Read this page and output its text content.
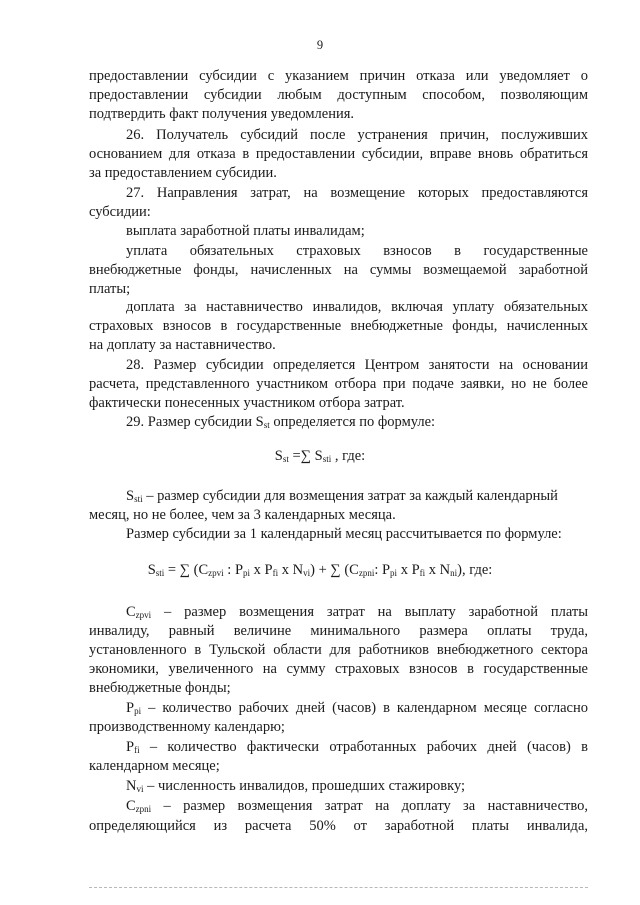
9
предоставлении субсидии с указанием причин отказа или уведомляет о
предоставлении субсидии любым доступным способом, позволяющим
подтвердить факт получения уведомления.
26. Получатель субсидий после устранения причин, послуживших
основанием для отказа в предоставлении субсидии, вправе вновь обратиться
за предоставлением субсидии.
27. Направления затрат, на возмещение которых предоставляются
субсидии:
выплата заработной платы инвалидам;
уплата обязательных страховых взносов в государственные
внебюджетные фонды, начисленных на суммы возмещаемой заработной
платы;
доплата за наставничество инвалидов, включая уплату обязательных
страховых взносов в государственные внебюджетные фонды, начисленных
на доплату за наставничество.
28. Размер субсидии определяется Центром занятости на основании
расчета, представленного участником отбора при подаче заявки, но не более
фактически понесенных участником отбора затрат.
29. Размер субсидии $S_{st}$ определяется по формуле:
$S_{st}$ =∑ $S_{sti}$ , где:
$S_{sti}$ – размер субсидии для возмещения затрат за каждый календарный
месяц, но не более, чем за 3 календарных месяца.
Размер субсидии за 1 календарный месяц рассчитывается по формуле:
$S_{sti}$ = ∑ ($C_{zpvi}$ : $P_{pi}$ x $P_{fi}$ x $N_{vi}$) + ∑ ($C_{zpni}$: $P_{pi}$ x $P_{fi}$ x $N_{ni}$), где:
$C_{zpvi}$ – размер возмещения затрат на выплату заработной платы
инвалиду, равный величине минимального размера оплаты труда,
установленного в Тульской области для работников внебюджетного сектора
экономики, увеличенного на сумму страховых взносов в государственные
внебюджетные фонды;
$P_{pi}$ – количество рабочих дней (часов) в календарном месяце согласно
производственному календарю;
$P_{fi}$ – количество фактически отработанных рабочих дней (часов) в
календарном месяце;
$N_{vi}$ – численность инвалидов, прошедших стажировку;
$C_{zpni}$ – размер возмещения затрат на доплату за наставничество,
определяющийся из расчета 50% от заработной платы инвалида,
